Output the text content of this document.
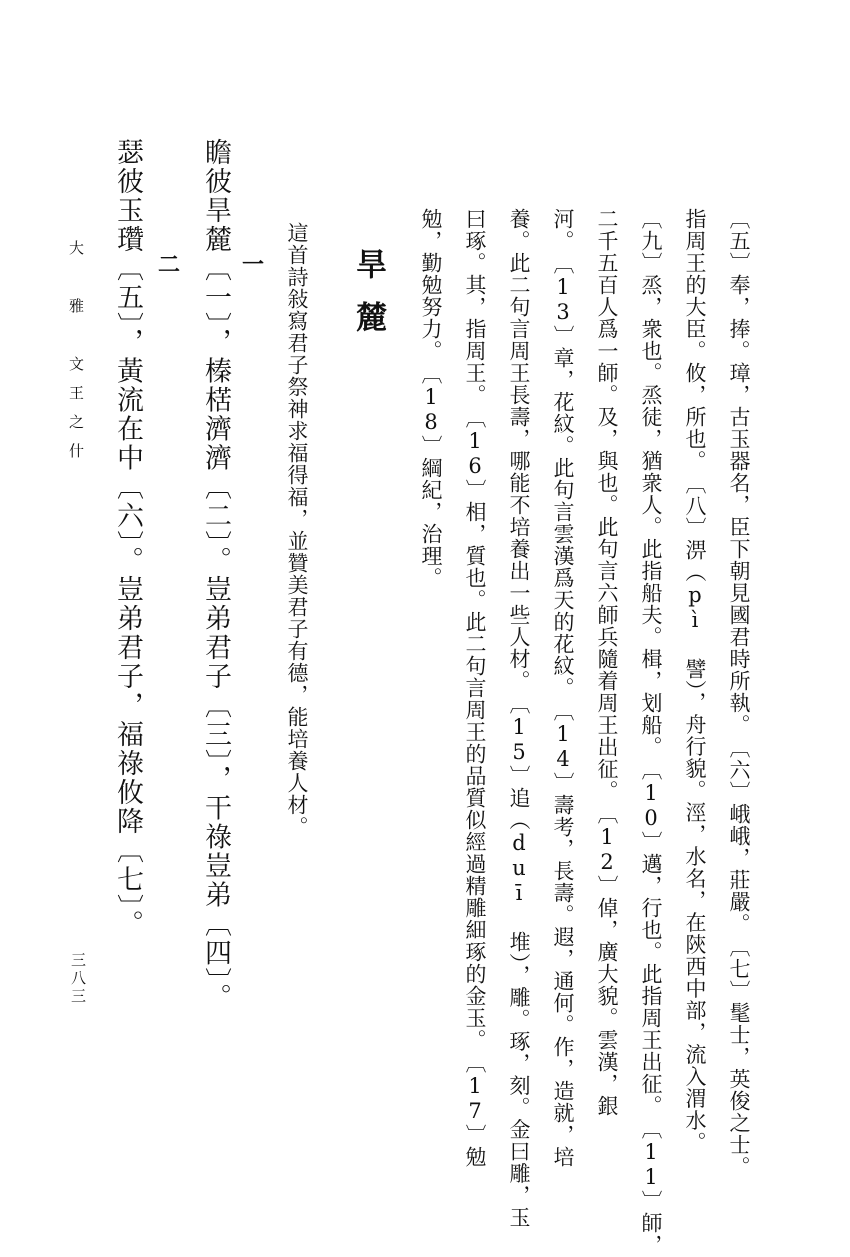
〔五〕奉，捧。璋，古玉器名，臣下朝見國君時所執。　〔六〕峨峨，莊嚴。　〔七〕髦士，英俊之士。
指周王的大臣。攸，所也。　〔八〕淠（pì 譬），舟行貌。涇，水名，在陝西中部，流入渭水。
〔九〕烝，衆也。烝徒，猶衆人。此指船夫。楫，划船。　〔10〕邁，行也。此指周王出征。　〔11〕師，
二千五百人爲一師。及，與也。此句言六師兵隨着周王出征。　〔12〕倬，廣大貌。雲漢，銀
河。　〔13〕章，花紋。此句言雲漢爲天的花紋。　〔14〕壽考，長壽。遐，通何。作，造就，培
養。此二句言周王長壽，哪能不培養出一些人材。　〔15〕追（duī 堆），雕。琢，刻。金曰雕，玉
曰琢。其，指周王。　〔16〕相，質也。此二句言周王的品質似經過精雕細琢的金玉。　〔17〕勉
勉，勤勉努力。　〔18〕綱紀，治理。
旱麓
這首詩敍寫君子祭神求福得福，並贊美君子有德，能培養人材。
一
瞻彼旱麓〔一〕，榛楛濟濟〔二〕。豈弟君子〔三〕，干祿豈弟〔四〕。
二
瑟彼玉瓚〔五〕，黃流在中〔六〕。豈弟君子，福祿攸降〔七〕。
大　雅　文王之什
三八三
